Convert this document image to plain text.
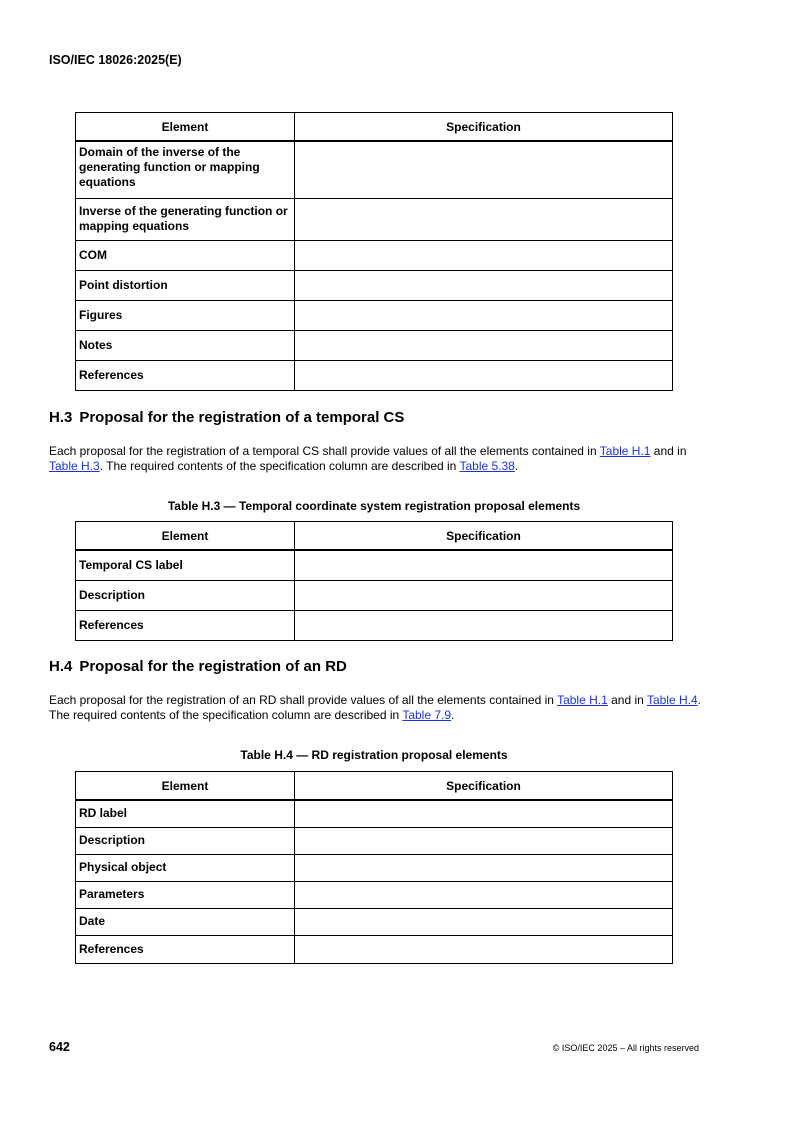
ISO/IEC 18026:2025(E)
Element	Specification
Domain of the inverse of the generating function or mapping equations	
Inverse of the generating function or mapping equations	
COM	
Point distortion	
Figures	
Notes	
References	
H.3 Proposal for the registration of a temporal CS

Each proposal for the registration of a temporal CS shall provide values of all the elements contained in Table H.1 and in Table H.3. The required contents of the specification column are described in Table 5.38.

Table H.3 — Temporal coordinate system registration proposal elements
Element	Specification
Temporal CS label	
Description	
References	
H.4 Proposal for the registration of an RD

Each proposal for the registration of an RD shall provide values of all the elements contained in Table H.1 and in Table H.4. The required contents of the specification column are described in Table 7.9.

Table H.4 — RD registration proposal elements
Element	Specification
RD label	
Description	
Physical object	
Parameters	
Date	
References	
642	© ISO/IEC 2025 – All rights reserved
